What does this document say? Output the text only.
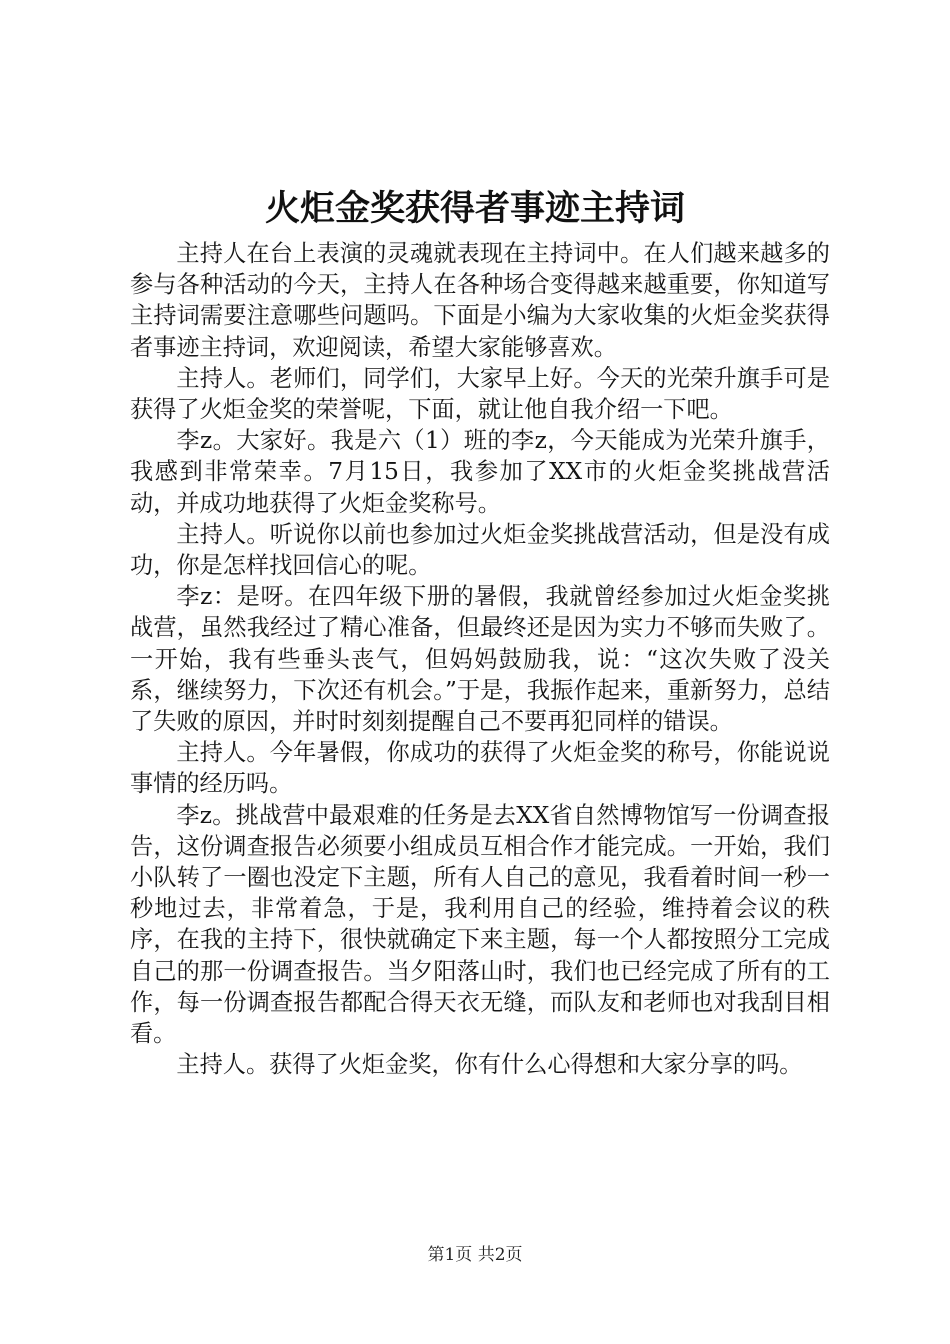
火炬金奖获得者事迹主持词

主持人在台上表演的灵魂就表现在主持词中。在人们越来越多的参与各种活动的今天，主持人在各种场合变得越来越重要，你知道写主持词需要注意哪些问题吗。下面是小编为大家收集的火炬金奖获得者事迹主持词，欢迎阅读，希望大家能够喜欢。

主持人。老师们，同学们，大家早上好。今天的光荣升旗手可是获得了火炬金奖的荣誉呢，下面，就让他自我介绍一下吧。

李z。大家好。我是六（1）班的李z，今天能成为光荣升旗手，我感到非常荣幸。7月15日，我参加了XX市的火炬金奖挑战营活动，并成功地获得了火炬金奖称号。

主持人。听说你以前也参加过火炬金奖挑战营活动，但是没有成功，你是怎样找回信心的呢。

李z：是呀。在四年级下册的暑假，我就曾经参加过火炬金奖挑战营，虽然我经过了精心准备，但最终还是因为实力不够而失败了。一开始，我有些垂头丧气，但妈妈鼓励我，说：“这次失败了没关系，继续努力，下次还有机会。”于是，我振作起来，重新努力，总结了失败的原因，并时时刻刻提醒自己不要再犯同样的错误。

主持人。今年暑假，你成功的获得了火炬金奖的称号，你能说说事情的经历吗。

李z。挑战营中最艰难的任务是去XX省自然博物馆写一份调查报告，这份调查报告必须要小组成员互相合作才能完成。一开始，我们小队转了一圈也没定下主题，所有人自己的意见，我看着时间一秒一秒地过去，非常着急，于是，我利用自己的经验，维持着会议的秩序，在我的主持下，很快就确定下来主题，每一个人都按照分工完成自己的那一份调查报告。当夕阳落山时，我们也已经完成了所有的工作，每一份调查报告都配合得天衣无缝，而队友和老师也对我刮目相看。

主持人。获得了火炬金奖，你有什么心得想和大家分享的吗。

第1页 共2页
